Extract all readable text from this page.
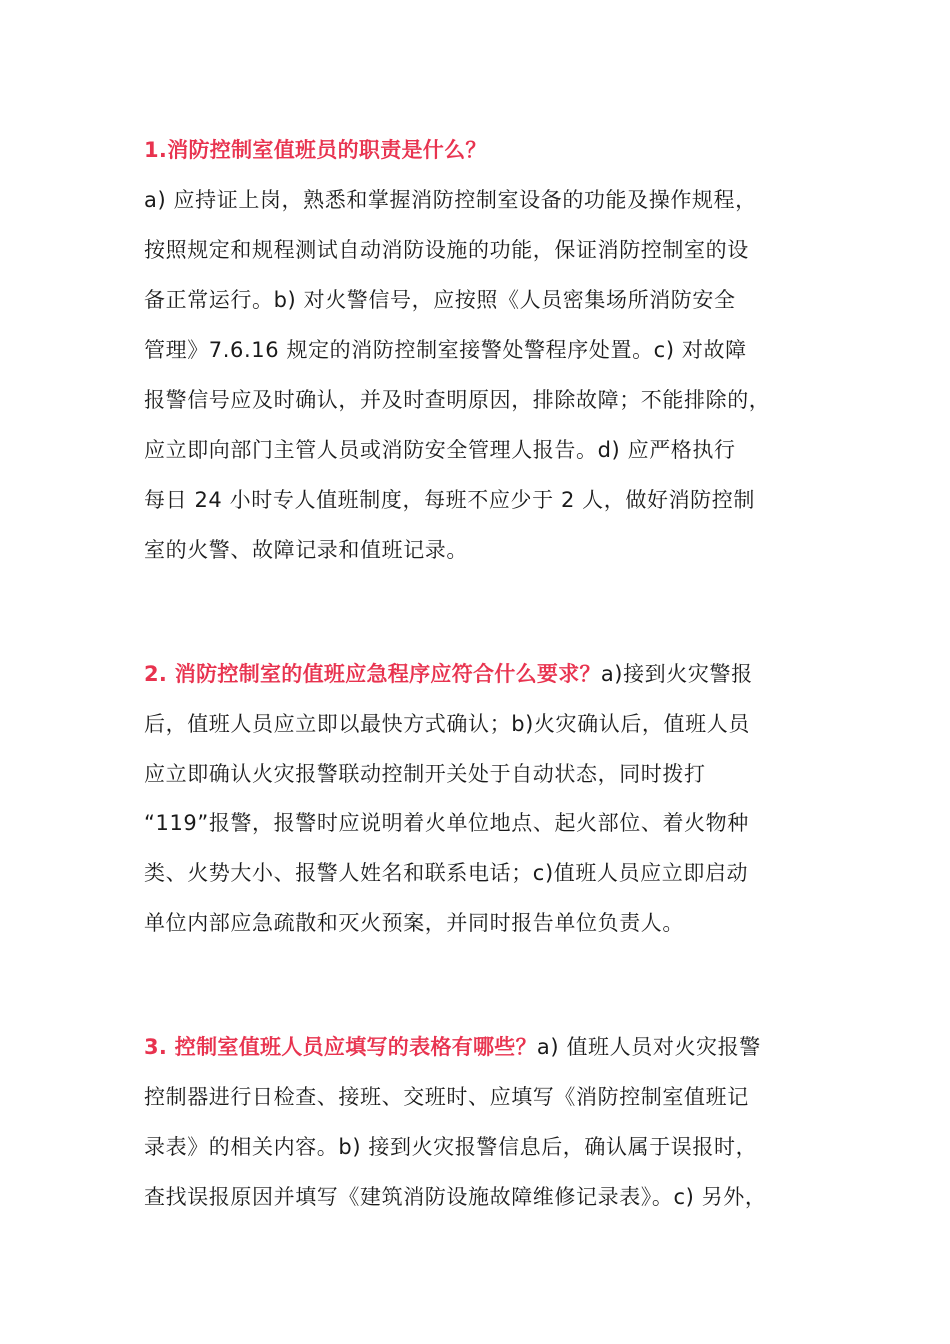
1.消防控制室值班员的职责是什么？
a) 应持证上岗，熟悉和掌握消防控制室设备的功能及操作规程，
按照规定和规程测试自动消防设施的功能，保证消防控制室的设
备正常运行。b) 对火警信号，应按照《人员密集场所消防安全
管理》7.6.16 规定的消防控制室接警处警程序处置。c) 对故障
报警信号应及时确认，并及时查明原因，排除故障；不能排除的，
应立即向部门主管人员或消防安全管理人报告。d) 应严格执行
每日 24 小时专人值班制度，每班不应少于 2 人，做好消防控制
室的火警、故障记录和值班记录。
2. 消防控制室的值班应急程序应符合什么要求？a)接到火灾警报
后，值班人员应立即以最快方式确认；b)火灾确认后，值班人员
应立即确认火灾报警联动控制开关处于自动状态，同时拨打
“119”报警，报警时应说明着火单位地点、起火部位、着火物种
类、火势大小、报警人姓名和联系电话；c)值班人员应立即启动
单位内部应急疏散和灭火预案，并同时报告单位负责人。
3. 控制室值班人员应填写的表格有哪些？a) 值班人员对火灾报警
控制器进行日检查、接班、交班时、应填写《消防控制室值班记
录表》的相关内容。b) 接到火灾报警信息后，确认属于误报时，
查找误报原因并填写《建筑消防设施故障维修记录表》。c) 另外，
